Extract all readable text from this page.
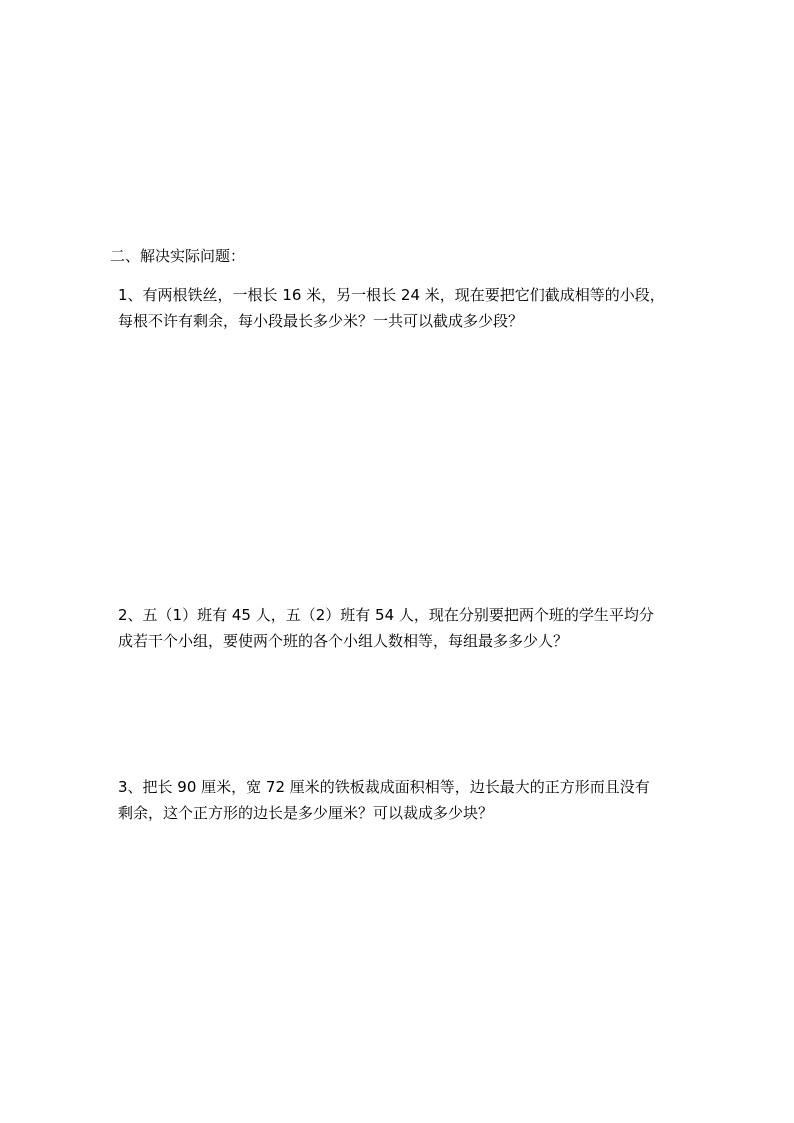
二、解决实际问题：
1、有两根铁丝，一根长 16 米，另一根长 24 米，现在要把它们截成相等的小段，
每根不许有剩余，每小段最长多少米？一共可以截成多少段？
2、五（1）班有 45 人，五（2）班有 54 人，现在分别要把两个班的学生平均分
成若干个小组，要使两个班的各个小组人数相等，每组最多多少人？
3、把长 90 厘米，宽 72 厘米的铁板裁成面积相等，边长最大的正方形而且没有
剩余，这个正方形的边长是多少厘米？可以裁成多少块？
